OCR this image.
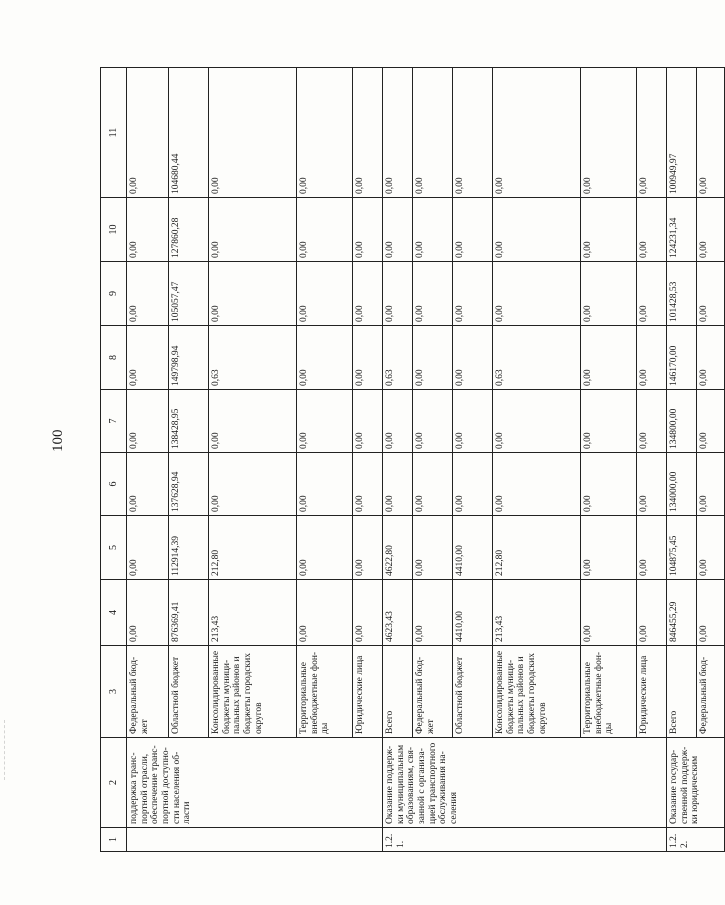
100
1	2	3	4	5	6	7	8	9	10	11
	поддержка транс-портной отрасли, обеспечение транс-портной доступно-сти населения об-ласти	Федеральный бюд-жет	0,00	0,00	0,00	0,00	0,00	0,00	0,00	0,00
		Областной бюджет	876369,41	112914,39	137628,94	138428,95	149798,94	105057,47	127860,28	104680,44
		Консолидированные бюджеты муници-пальных районов и бюджеты городских округов	213,43	212,80	0,00	0,00	0,63	0,00	0,00	0,00
		Территориальные внебюджетные фон-ды	0,00	0,00	0,00	0,00	0,00	0,00	0,00	0,00
		Юридические лица	0,00	0,00	0,00	0,00	0,00	0,00	0,00	0,00
1.2.1.	Оказание поддерж-ки муниципальным образованиям, свя-занной с организа-цией транспортного обслуживания на-селения	Всего	4623,43	4622,80	0,00	0,00	0,63	0,00	0,00	0,00
		Федеральный бюд-жет	0,00	0,00	0,00	0,00	0,00	0,00	0,00	0,00
		Областной бюджет	4410,00	4410,00	0,00	0,00	0,00	0,00	0,00	0,00
		Консолидированные бюджеты муници-пальных районов и бюджеты городских округов	213,43	212,80	0,00	0,00	0,63	0,00	0,00	0,00
		Территориальные внебюджетные фон-ды	0,00	0,00	0,00	0,00	0,00	0,00	0,00	0,00
		Юридические лица	0,00	0,00	0,00	0,00	0,00	0,00	0,00	0,00
1.2.2.	Оказание государ-ственной поддерж-ки юридическим	Всего	846455,29	104875,45	134000,00	134800,00	146170,00	101428,53	124231,34	100949,97
		Федеральный бюд-	0,00	0,00	0,00	0,00	0,00	0,00	0,00	0,00
